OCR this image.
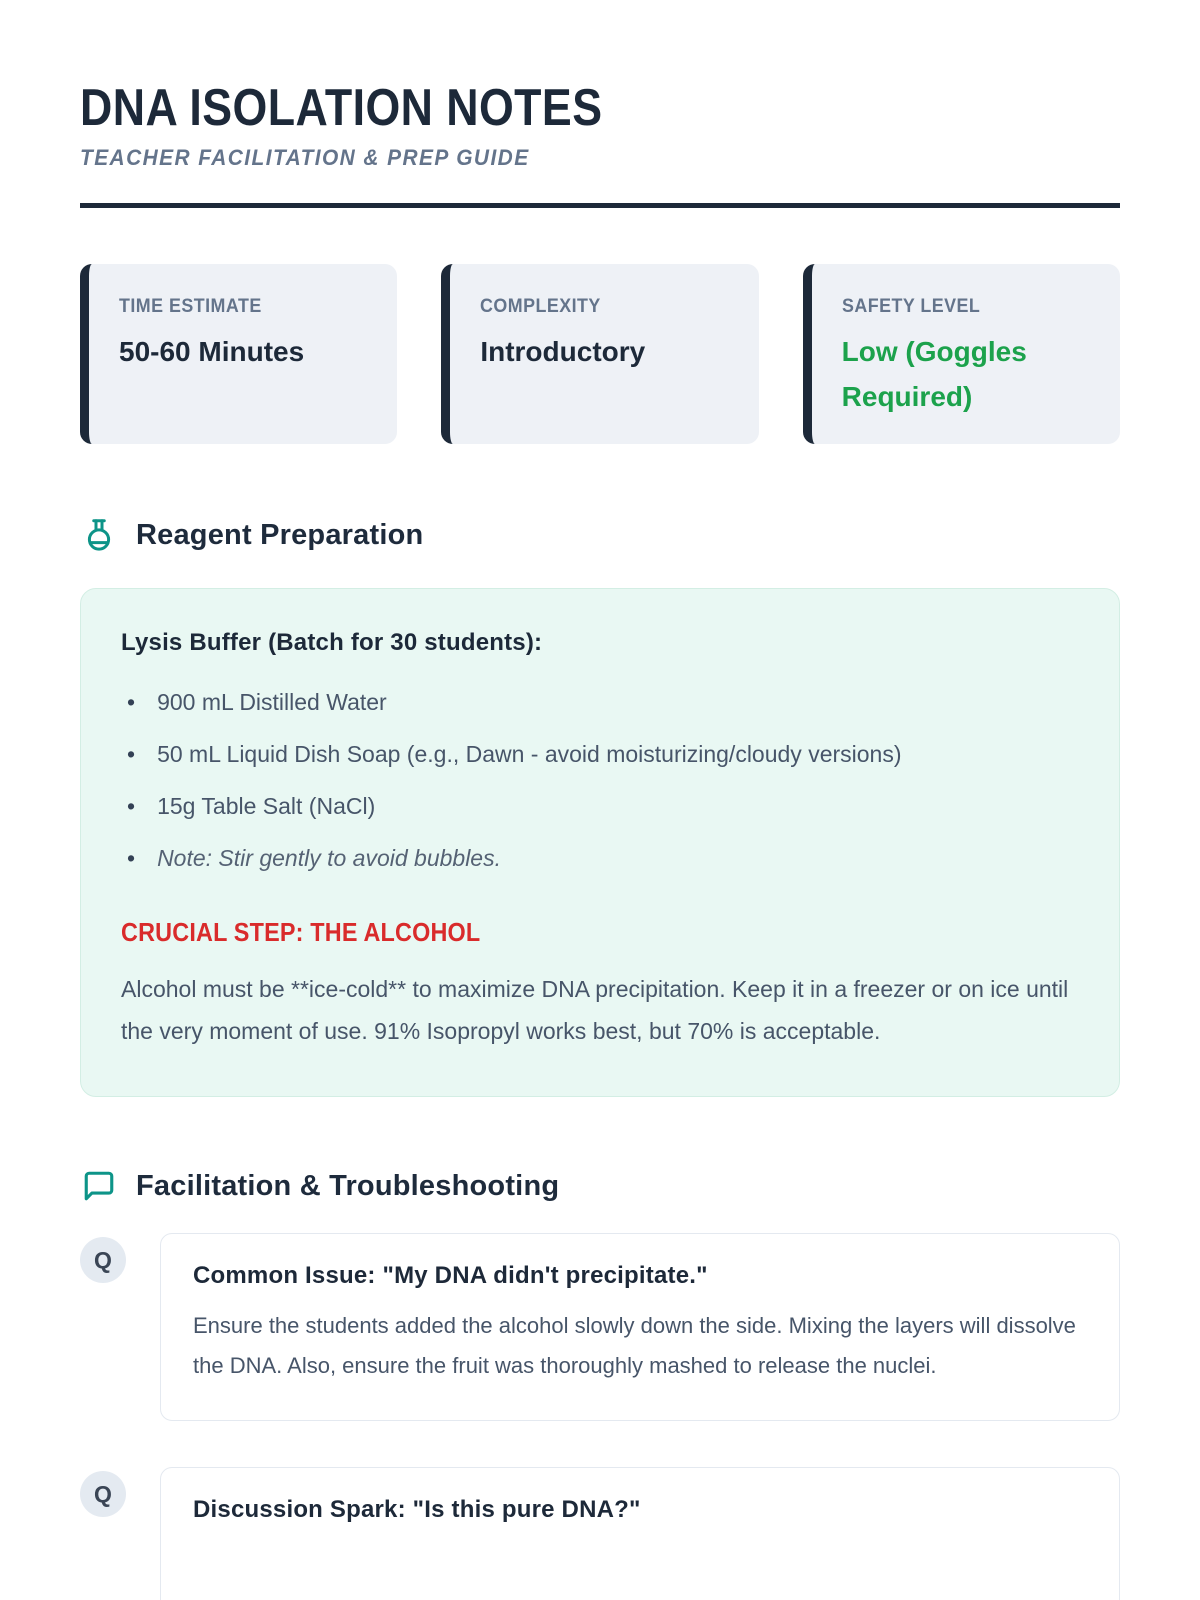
DNA ISOLATION NOTES
TEACHER FACILITATION & PREP GUIDE
TIME ESTIMATE
50-60 Minutes
COMPLEXITY
Introductory
SAFETY LEVEL
Low (Goggles Required)
Reagent Preparation
Lysis Buffer (Batch for 30 students):
• 900 mL Distilled Water
• 50 mL Liquid Dish Soap (e.g., Dawn - avoid moisturizing/cloudy versions)
• 15g Table Salt (NaCl)
• Note: Stir gently to avoid bubbles.
CRUCIAL STEP: THE ALCOHOL

Alcohol must be **ice-cold** to maximize DNA precipitation. Keep it in a freezer or on ice until the very moment of use. 91% Isopropyl works best, but 70% is acceptable.

Facilitation & Troubleshooting
Q
Common Issue: "My DNA didn't precipitate."

Ensure the students added the alcohol slowly down the side. Mixing the layers will dissolve the DNA. Also, ensure the fruit was thoroughly mashed to release the nuclei.

Q
Discussion Spark: "Is this pure DNA?"
